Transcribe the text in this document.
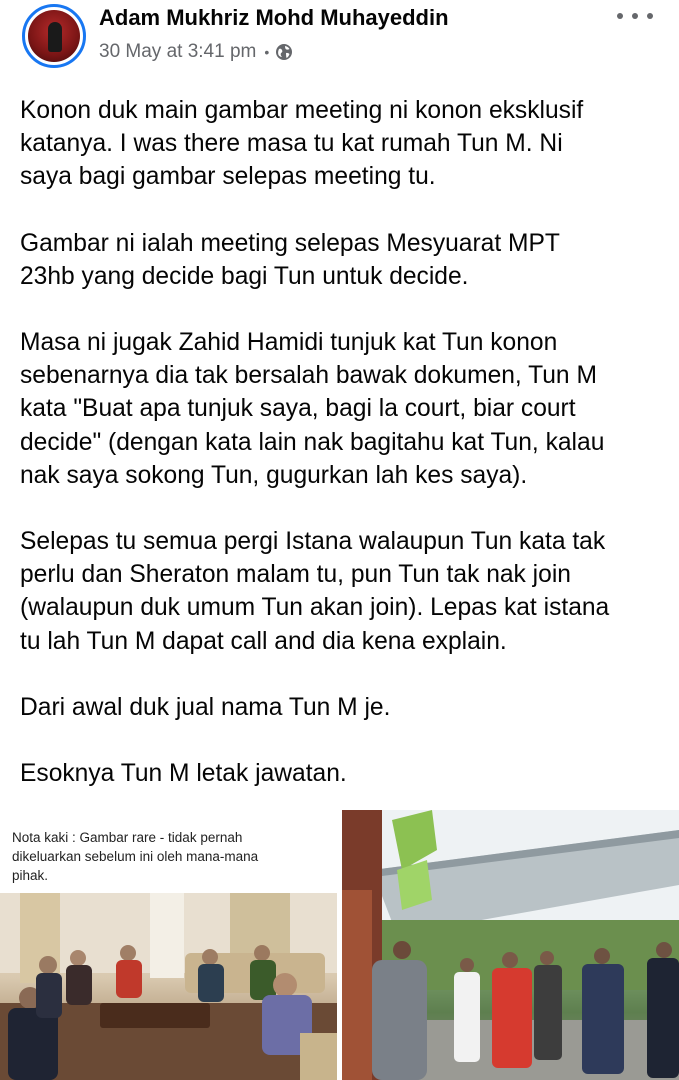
Adam Mukhriz Mohd Muhayeddin
30 May at 3:41 pm •

Konon duk main gambar meeting ni konon eksklusif

katanya. I was there masa tu kat rumah Tun M. Ni

saya bagi gambar selepas meeting tu.

Gambar ni ialah meeting selepas Mesyuarat MPT

23hb yang decide bagi Tun untuk decide.

Masa ni jugak Zahid Hamidi tunjuk kat Tun konon

sebenarnya dia tak bersalah bawak dokumen, Tun M

kata "Buat apa tunjuk saya, bagi la court, biar court

decide" (dengan kata lain nak bagitahu kat Tun, kalau

nak saya sokong Tun, gugurkan lah kes saya).

Selepas tu semua pergi Istana walaupun Tun kata tak

perlu dan Sheraton malam tu, pun Tun tak nak join

(walaupun duk umum Tun akan join). Lepas kat istana

tu lah Tun M dapat call and dia kena explain.

Dari awal duk jual nama Tun M je.

Esoknya Tun M letak jawatan.

Nota kaki : Gambar rare - tidak pernah
dikeluarkan sebelum ini oleh mana-mana
pihak.
